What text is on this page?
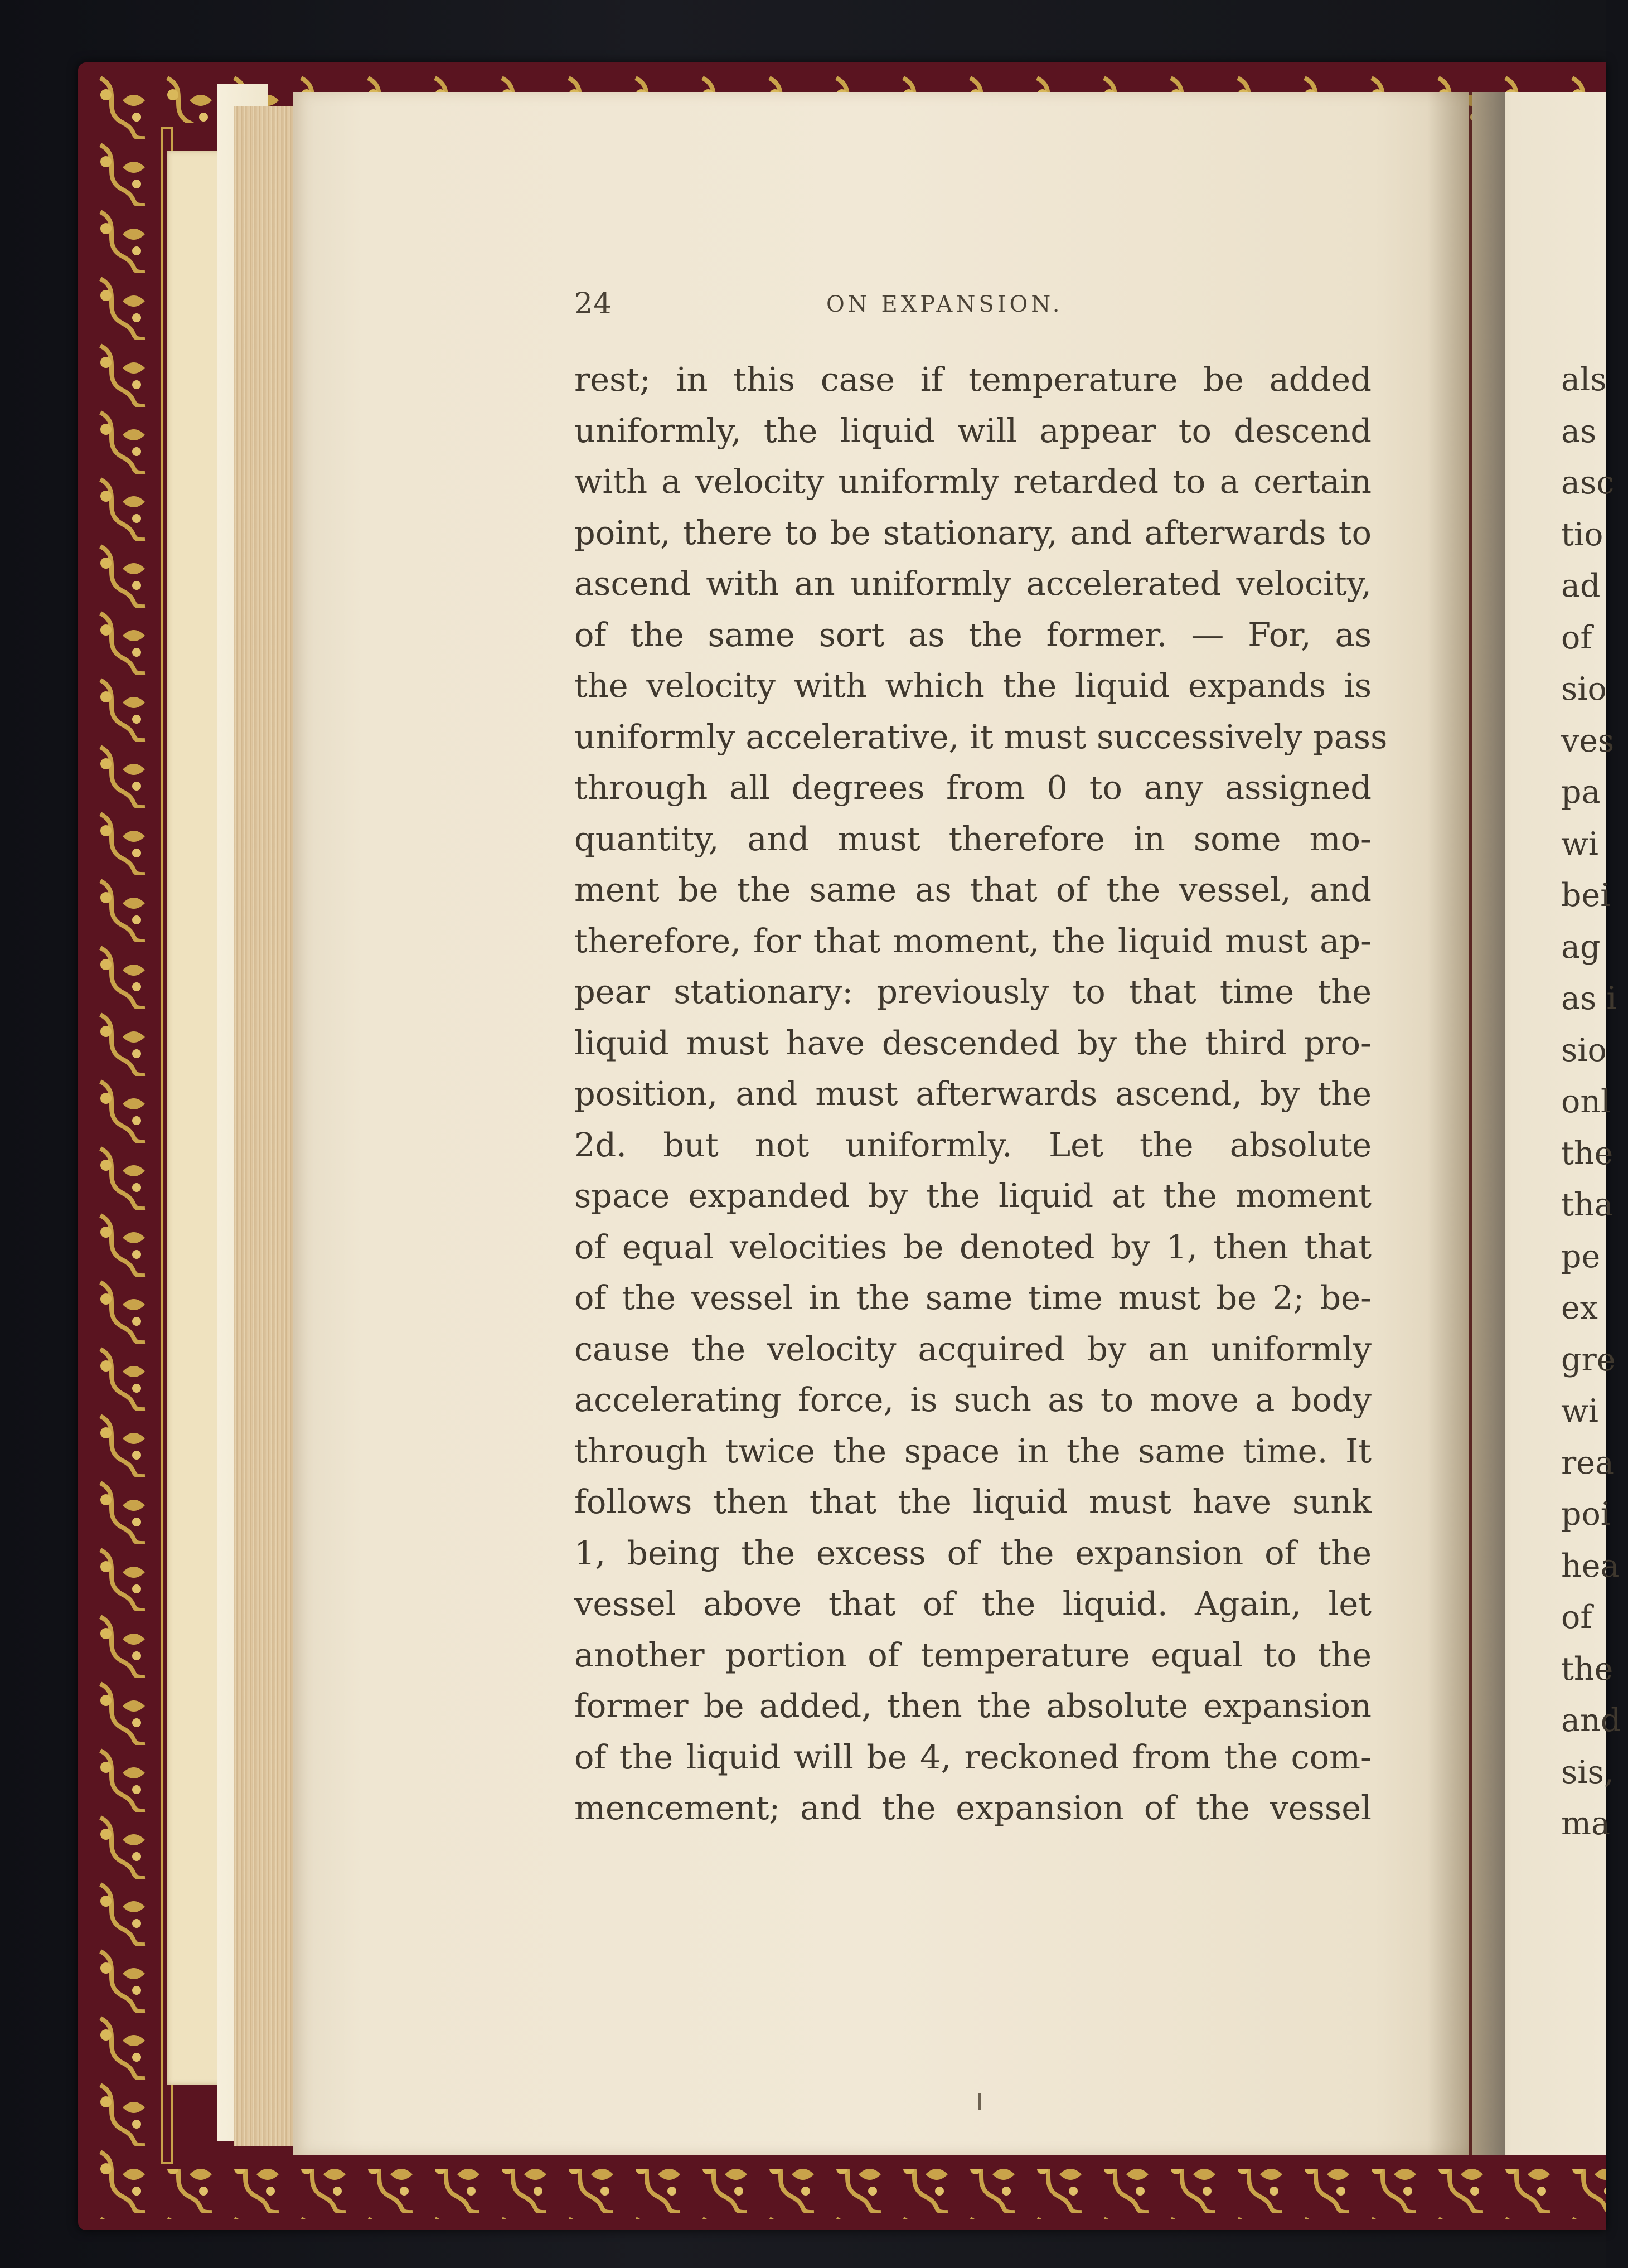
24	ON EXPANSION.
rest; in this case if temperature be added
uniformly, the liquid will appear to descend
with a velocity uniformly retarded to a certain
point, there to be stationary, and afterwards to
ascend with an uniformly accelerated velocity,
of the same sort as the former. — For, as
the velocity with which the liquid expands is
uniformly accelerative, it must successively pass
through all degrees from 0 to any assigned
quantity, and must therefore in some mo-
ment be the same as that of the vessel, and
therefore, for that moment, the liquid must ap-
pear stationary: previously to that time the
liquid must have descended by the third pro-
position, and must afterwards ascend, by the
2d. but not uniformly. Let the absolute
space expanded by the liquid at the moment
of equal velocities be denoted by 1, then that
of the vessel in the same time must be 2; be-
cause the velocity acquired by an uniformly
accelerating force, is such as to move a body
through twice the space in the same time. It
follows then that the liquid must have sunk
1, being the excess of the expansion of the
vessel above that of the liquid. Again, let
another portion of temperature equal to the
former be added, then the absolute expansion
of the liquid will be 4, reckoned from the com-
mencement; and the expansion of the vessel
als
as
asc
tio
ad
of
sio
ves
pa
wi
bei
ag
as i
sio
onl
the
tha
pe
ex
gre
wi
rea
poi
hea
of
the
and
sis,
ma
